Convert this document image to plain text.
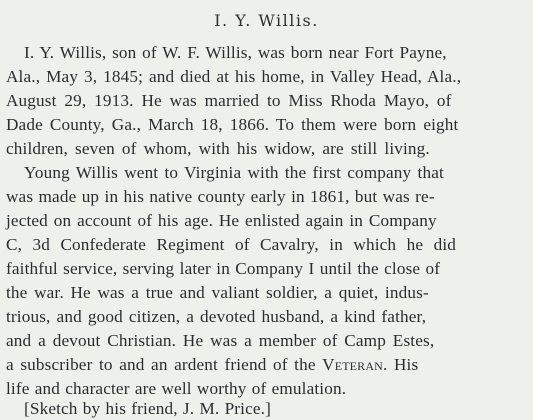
I. Y. Willis.
I. Y. Willis, son of W. F. Willis, was born near Fort Payne,
Ala., May 3, 1845; and died at his home, in Valley Head, Ala.,
August 29, 1913. He was married to Miss Rhoda Mayo, of
Dade County, Ga., March 18, 1866. To them were born eight
children, seven of whom, with his widow, are still living.
Young Willis went to Virginia with the first company that
was made up in his native county early in 1861, but was re-
jected on account of his age. He enlisted again in Company
C, 3d Confederate Regiment of Cavalry, in which he did
faithful service, serving later in Company I until the close of
the war. He was a true and valiant soldier, a quiet, indus-
trious, and good citizen, a devoted husband, a kind father,
and a devout Christian. He was a member of Camp Estes,
a subscriber to and an ardent friend of the Veteran. His
life and character are well worthy of emulation.
[Sketch by his friend, J. M. Price.]
